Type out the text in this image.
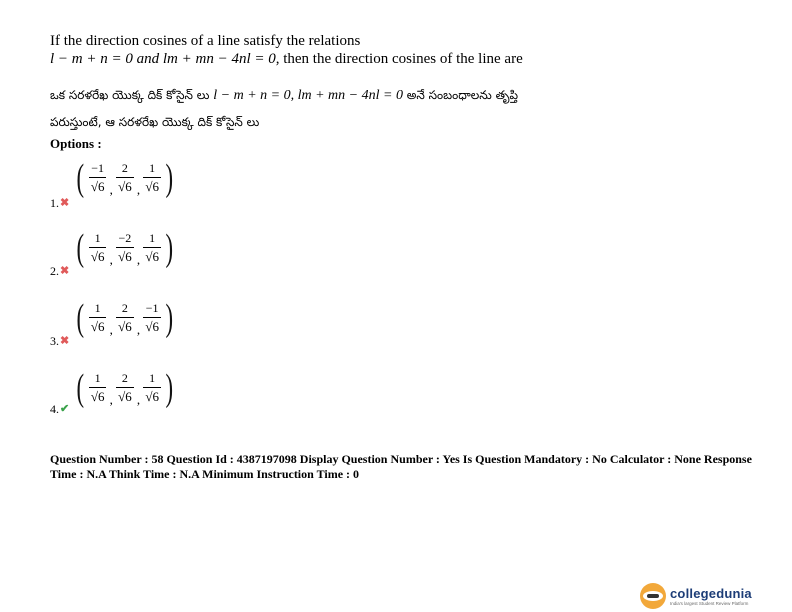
If the direction cosines of a line satisfy the relations
l − m + n = 0 and lm + mn − 4nl = 0, then the direction cosines of the line are
ఒక సరళరేఖ యొక్క దిక్ కోసైన్ లు l − m + n = 0, lm + mn − 4nl = 0 అనే సంబంధాలను తృప్తి
పరుస్తుంటే, ఆ సరళరేఖ యొక్క దిక్ కోసైన్ లు
Options :
( $\frac{-1}{√6}$ , $\frac{2}{√6}$ , $\frac{1}{√6}$ )
1. ✖
( $\frac{1}{√6}$ , $\frac{-2}{√6}$ , $\frac{1}{√6}$ )
2. ✖
( $\frac{1}{√6}$ , $\frac{2}{√6}$ , $\frac{-1}{√6}$ )
3. ✖
( $\frac{1}{√6}$ , $\frac{2}{√6}$ , $\frac{1}{√6}$ )
4. ✔
Question Number : 58 Question Id : 4387197098 Display Question Number : Yes Is Question Mandatory : No Calculator : None Response
Time : N.A Think Time : N.A Minimum Instruction Time : 0
collegedunia
India's largest Student Review Platform
